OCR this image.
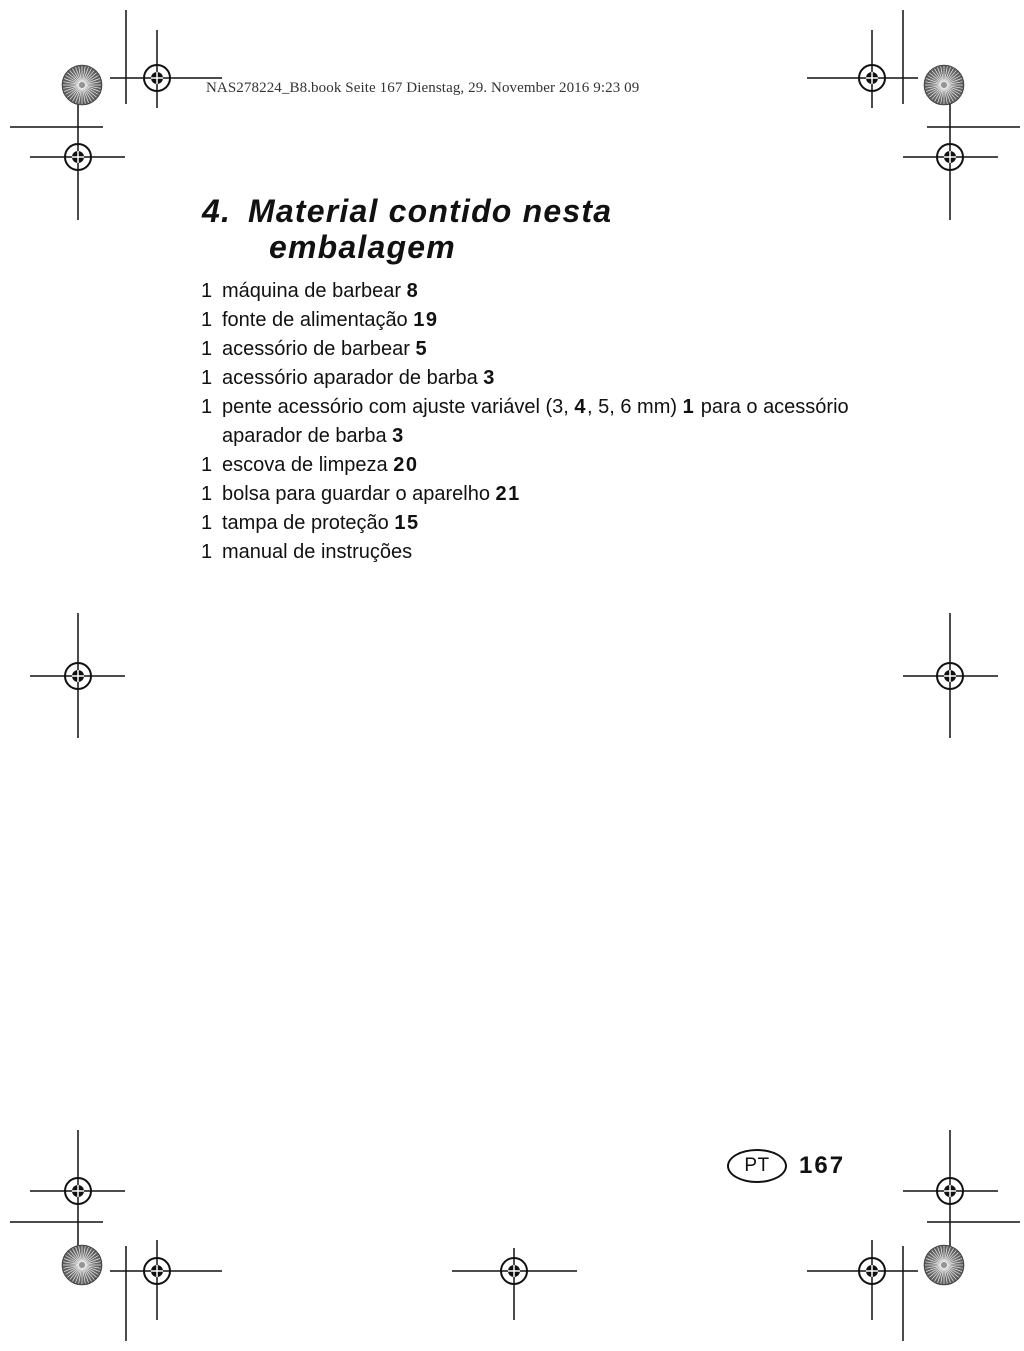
NAS278224_B8.book Seite 167 Dienstag, 29. November 2016 9:23 09
4. Material contido nesta
embalagem
1 máquina de barbear 8
1 fonte de alimentação 19
1 acessório de barbear 5
1 acessório aparador de barba 3
1 pente acessório com ajuste variável (3, 4, 5, 6 mm) 1 para o acessório aparador de barba 3
1 escova de limpeza 20
1 bolsa para guardar o aparelho 21
1 tampa de proteção 15
1 manual de instruções
PT	167
